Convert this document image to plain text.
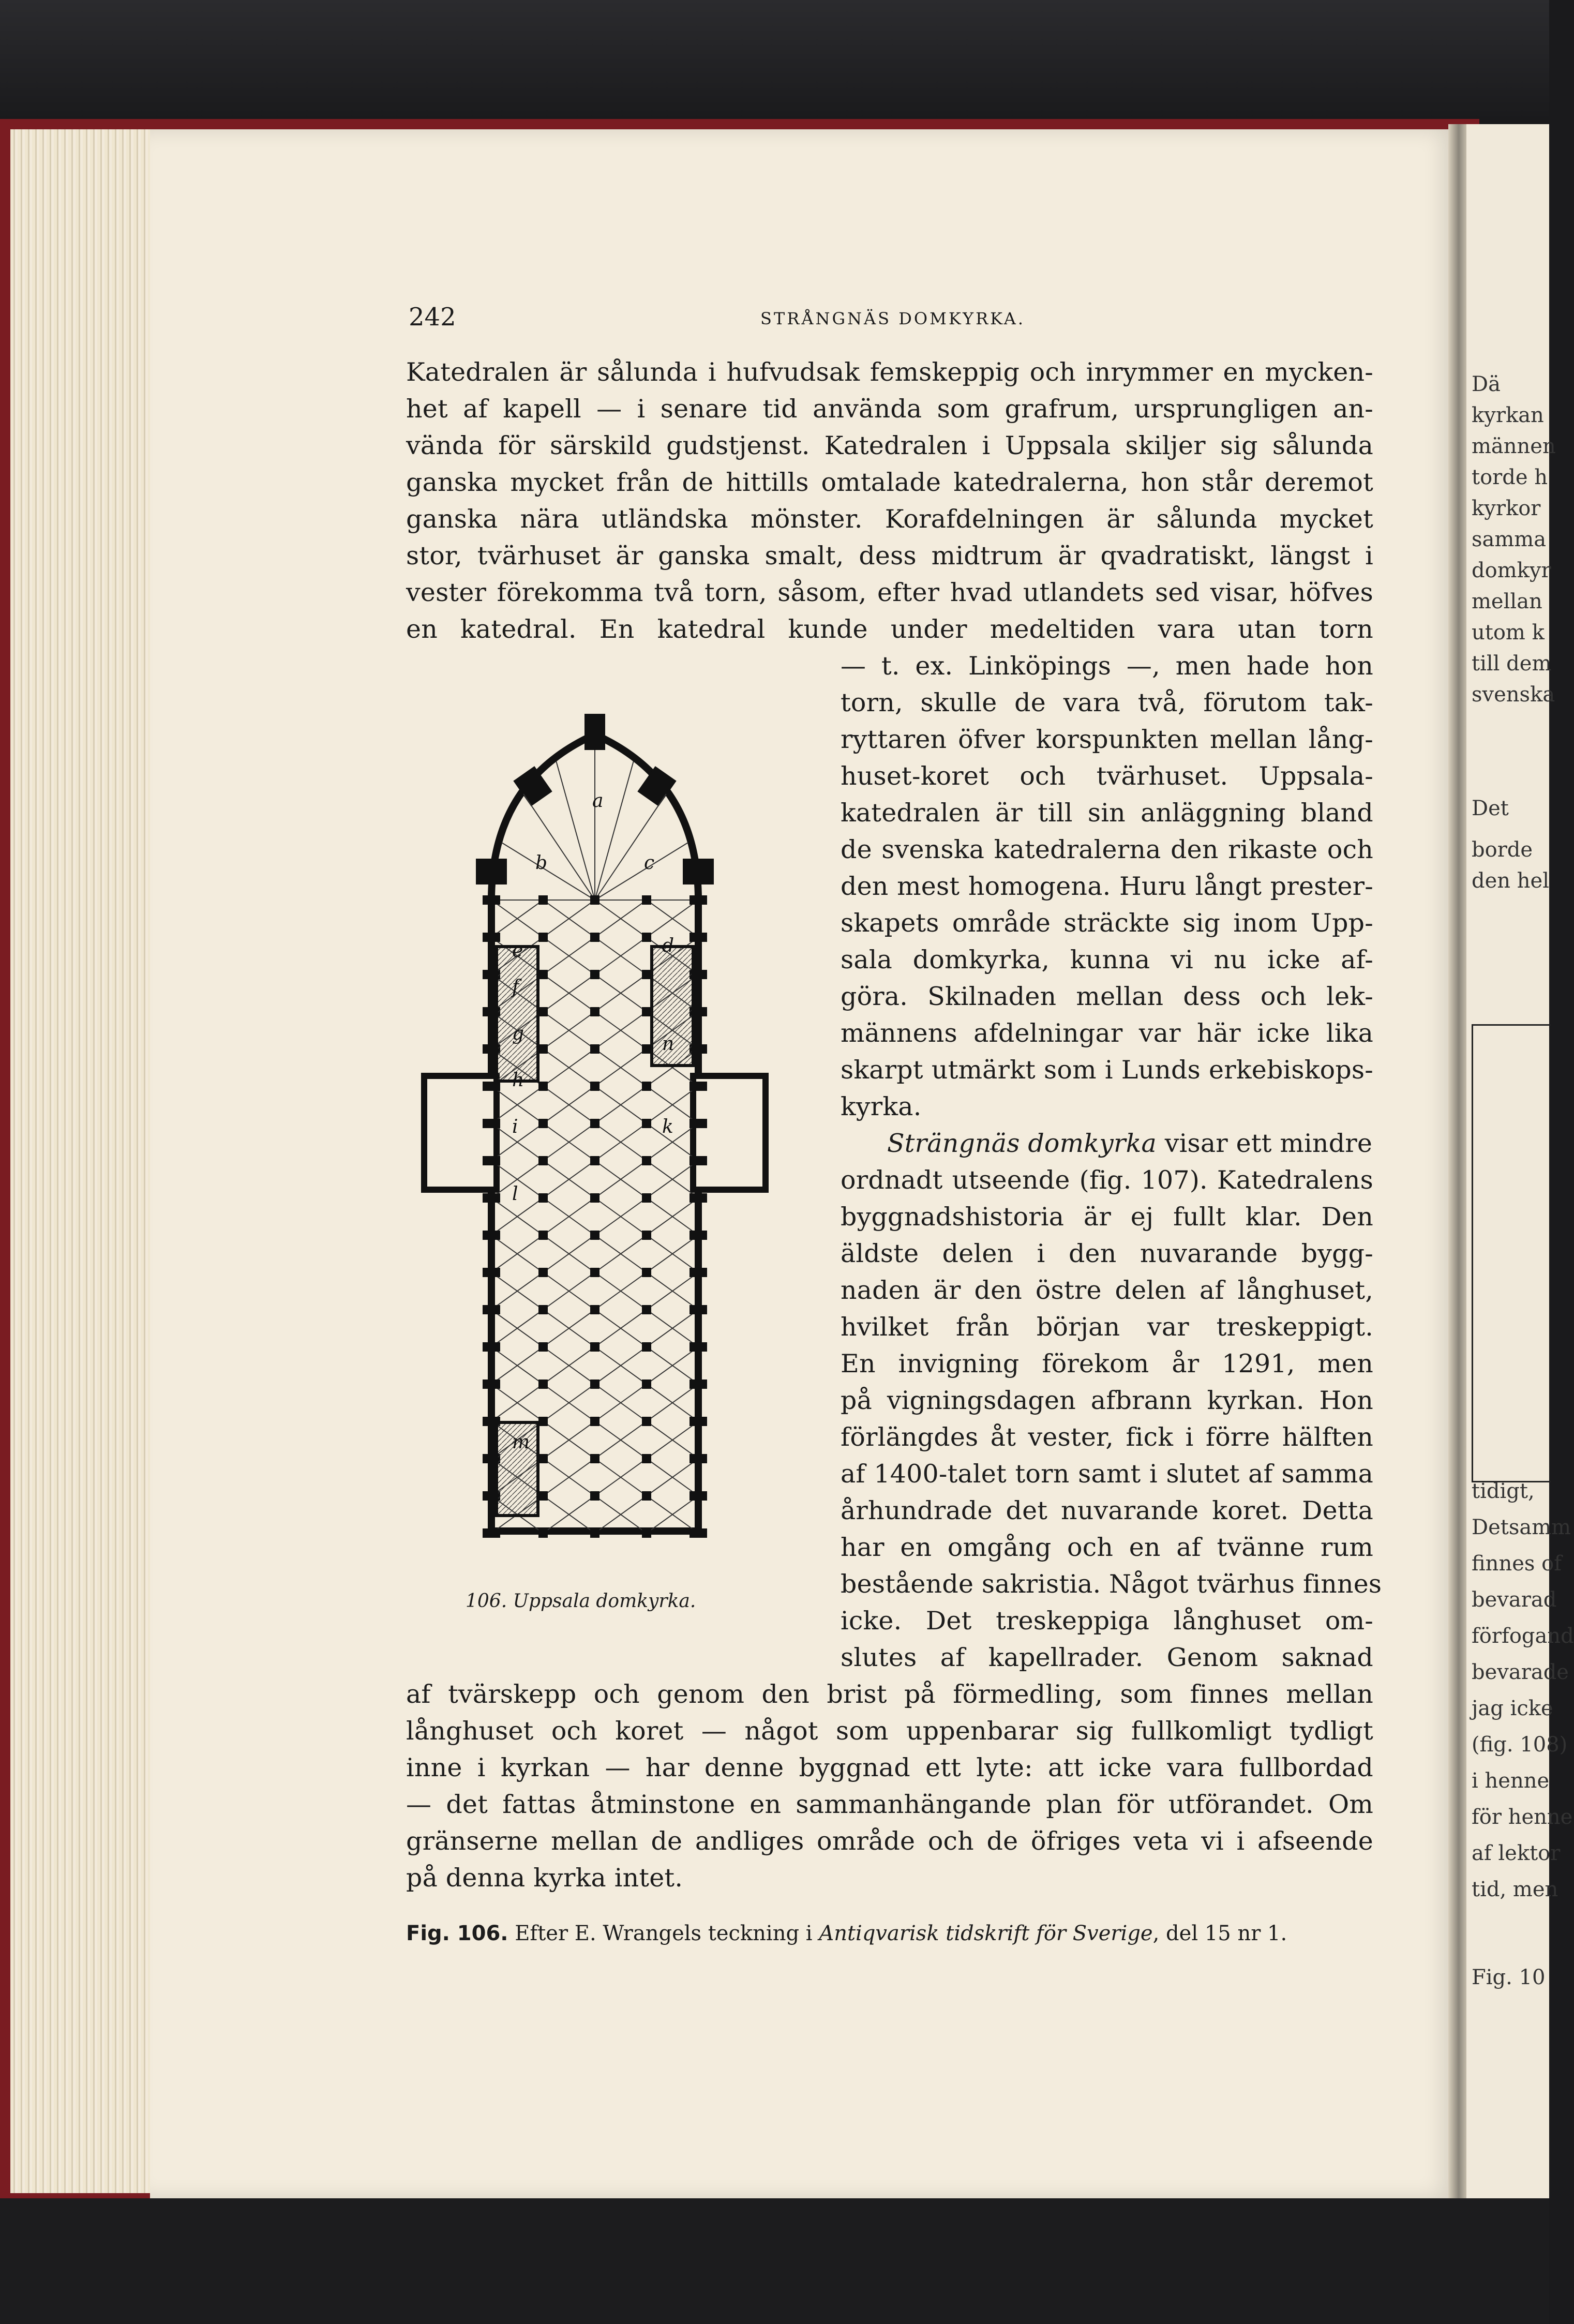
Dä
kyrkan
männen
torde h
kyrkor
samma
domkyr
mellan
utom k
till dem
svenska
Det
borde
den hel
tidigt,
Detsamm
finnes of
bevarad
förfogand
bevarade
jag icke
(fig. 108)
i henne
för henne
af lektor
tid, men
Fig. 10
242	STRÅNGNÄS DOMKYRKA.
Katedralen är sålunda i hufvudsak femskeppig och inrymmer en mycken-
het af kapell — i senare tid använda som grafrum, ursprungligen an-
vända för särskild gudstjenst. Katedralen i Uppsala skiljer sig sålunda
ganska mycket från de hittills omtalade katedralerna, hon står deremot
ganska nära utländska mönster. Korafdelningen är sålunda mycket
stor, tvärhuset är ganska smalt, dess midtrum är qvadratiskt, längst i
vester förekomma två torn, såsom, efter hvad utlandets sed visar, höfves
en katedral. En katedral kunde under medeltiden vara utan torn
— t. ex. Linköpings —, men hade hon
torn, skulle de vara två, förutom tak-
ryttaren öfver korspunkten mellan lång-
huset-koret och tvärhuset. Uppsala-
katedralen är till sin anläggning bland
de svenska katedralerna den rikaste och
den mest homogena. Huru långt prester-
skapets område sträckte sig inom Upp-
sala domkyrka, kunna vi nu icke af-
göra. Skilnaden mellan dess och lek-
männens afdelningar var här icke lika
skarpt utmärkt som i Lunds erkebiskops-
kyrka.
Strängnäs domkyrka visar ett mindre
ordnadt utseende (fig. 107). Katedralens
byggnadshistoria är ej fullt klar. Den
äldste delen i den nuvarande bygg-
naden är den östre delen af långhuset,
hvilket från början var treskeppigt.
En invigning förekom år 1291, men
på vigningsdagen afbrann kyrkan. Hon
förlängdes åt vester, fick i förre hälften
af 1400-talet torn samt i slutet af samma
århundrade det nuvarande koret. Detta
har en omgång och en af tvänne rum
bestående sakristia. Något tvärhus finnes
icke. Det treskeppiga långhuset om-
slutes af kapellrader. Genom saknad
af tvärskepp och genom den brist på förmedling, som finnes mellan
långhuset och koret — något som uppenbarar sig fullkomligt tydligt
inne i kyrkan — har denne byggnad ett lyte: att icke vara fullbordad
— det fattas åtminstone en sammanhängande plan för utförandet. Om
gränserne mellan de andliges område och de öfriges veta vi i afseende
på denna kyrka intet.
a
b	c
d
e
f
g
h
i	k
l
m
n
106. Uppsala domkyrka.
Fig. 106. Efter E. Wrangels teckning i Antiqvarisk tidskrift för Sverige, del 15 nr 1.
